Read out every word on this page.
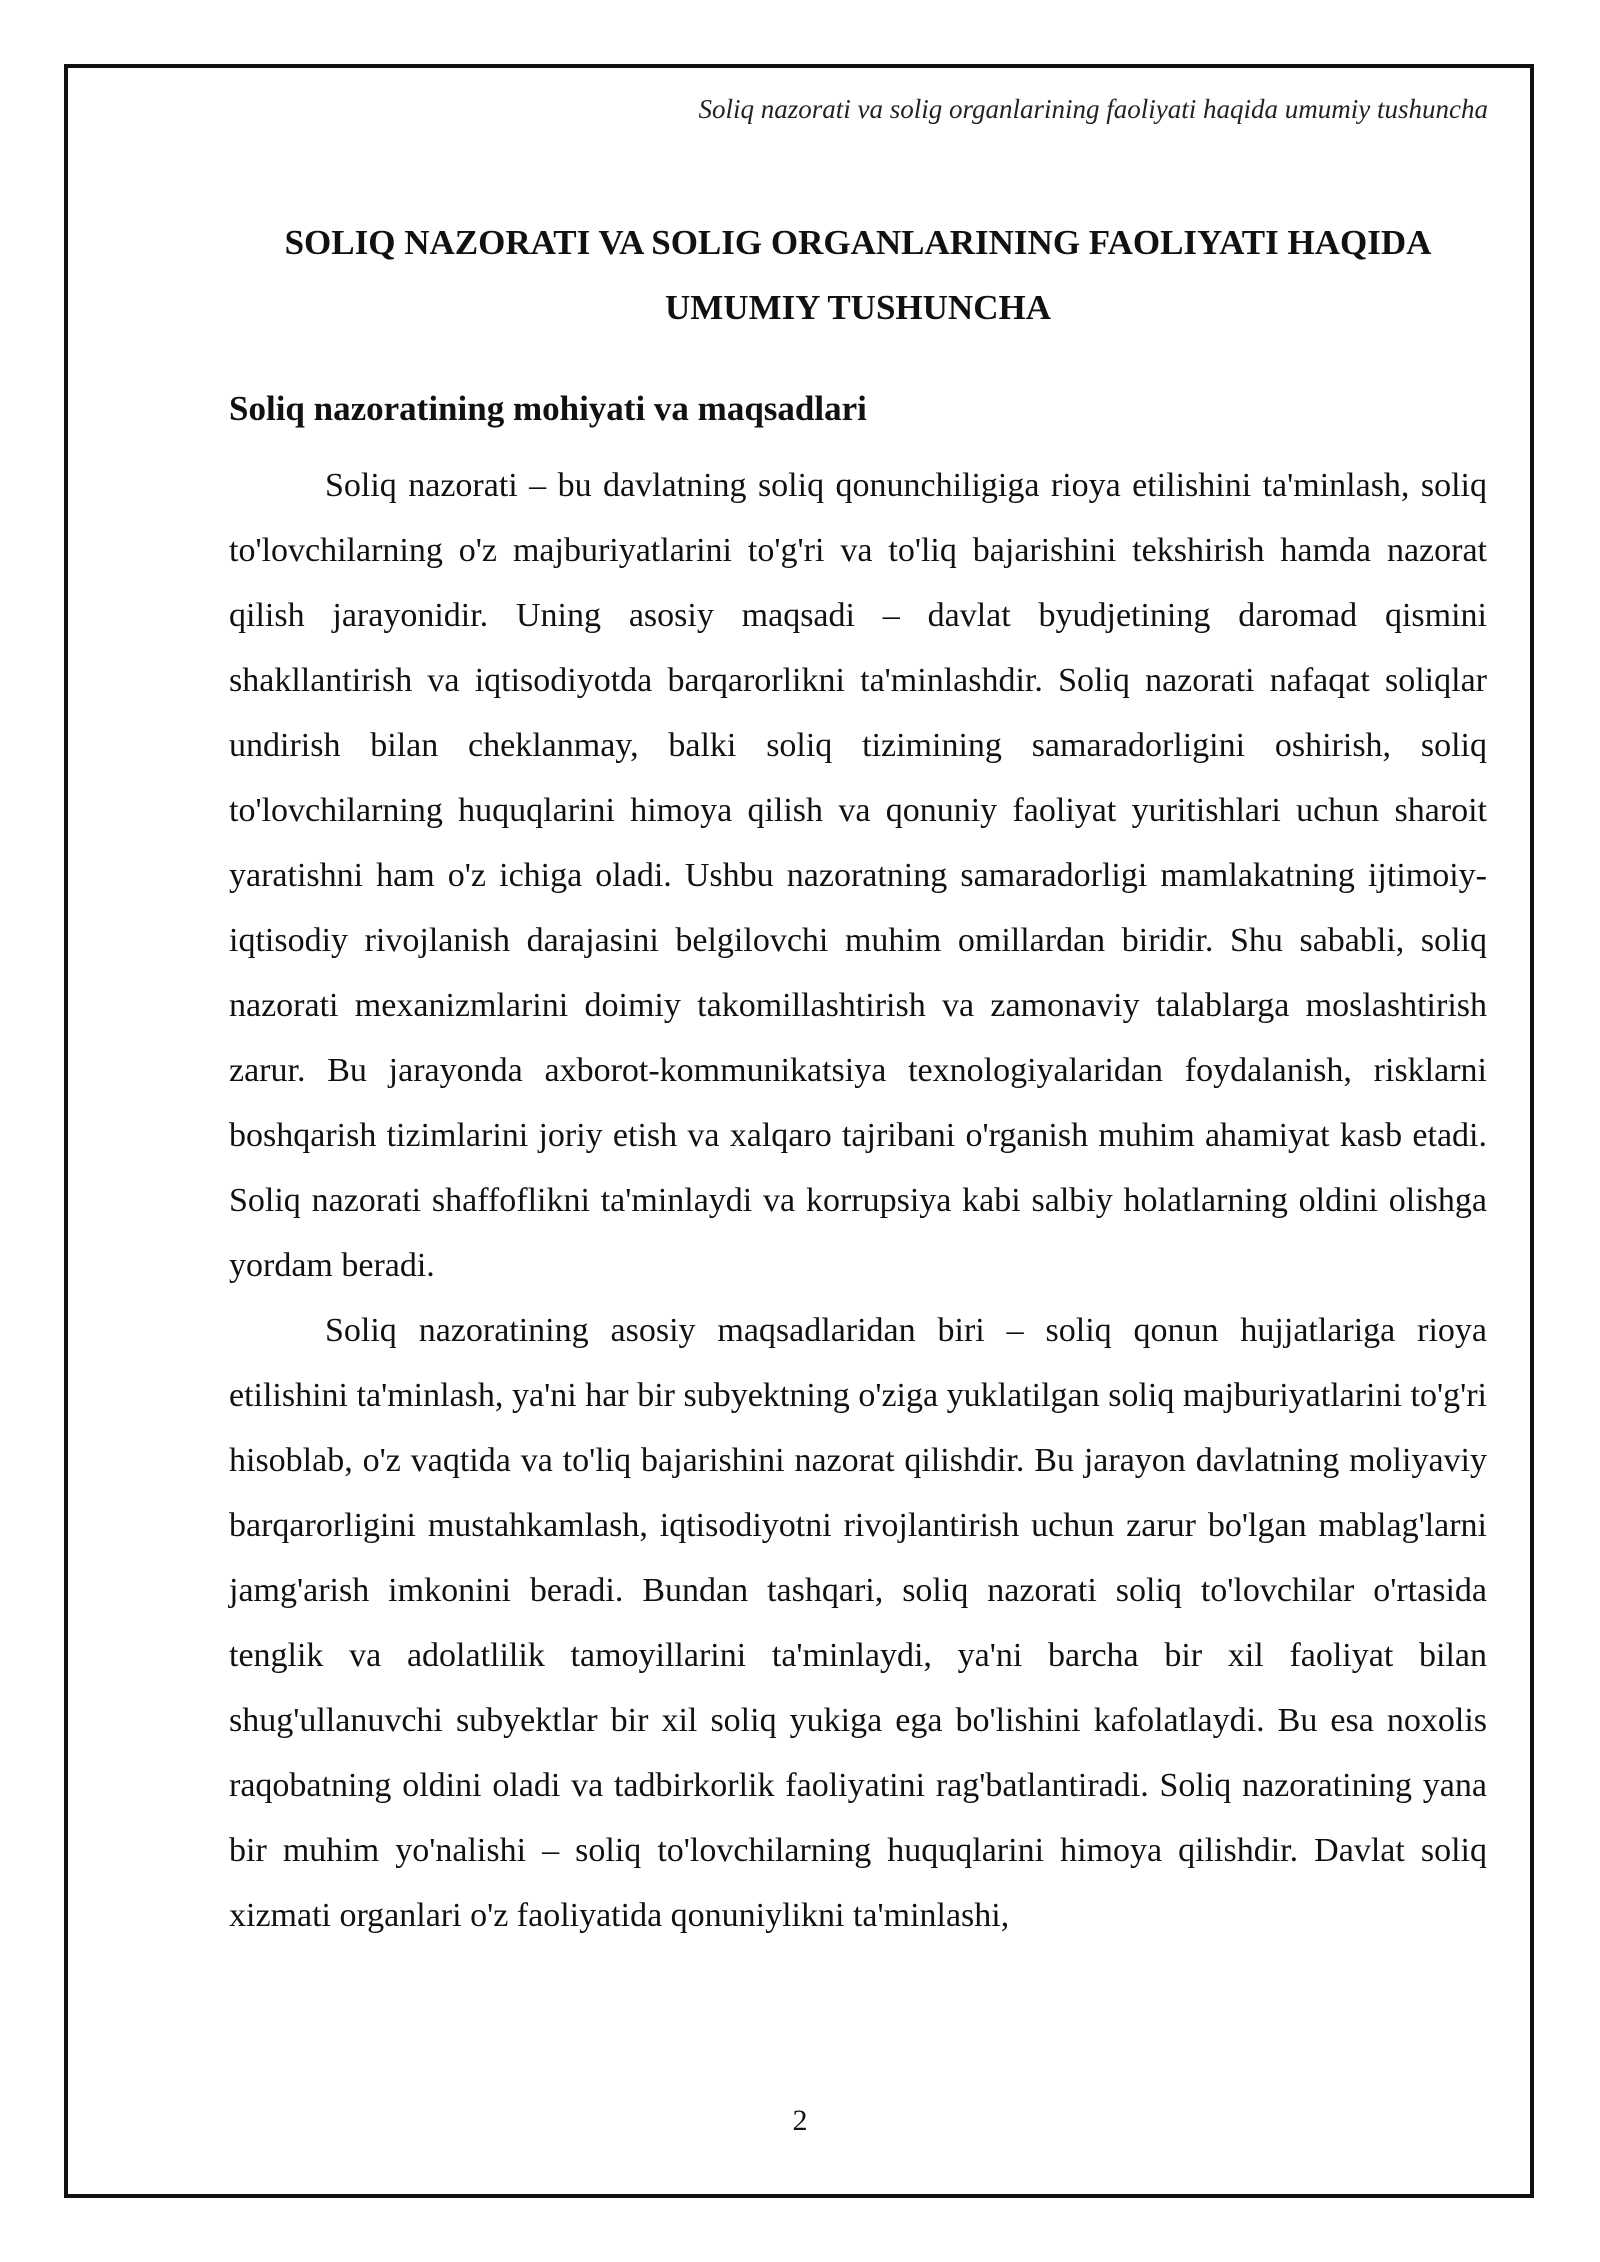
Soliq nazorati va solig organlarining faoliyati haqida umumiy tushuncha
SOLIQ NAZORATI VA SOLIG ORGANLARINING FAOLIYATI HAQIDA UMUMIY TUSHUNCHA
Soliq nazoratining mohiyati va maqsadlari

Soliq nazorati – bu davlatning soliq qonunchiligiga rioya etilishini ta'minlash, soliq to'lovchilarning o'z majburiyatlarini to'g'ri va to'liq bajarishini tekshirish hamda nazorat qilish jarayonidir. Uning asosiy maqsadi – davlat byudjetining daromad qismini shakllantirish va iqtisodiyotda barqarorlikni ta'minlashdir. Soliq nazorati nafaqat soliqlar undirish bilan cheklanmay, balki soliq tizimining samaradorligini oshirish, soliq to'lovchilarning huquqlarini himoya qilish va qonuniy faoliyat yuritishlari uchun sharoit yaratishni ham o'z ichiga oladi. Ushbu nazoratning samaradorligi mamlakatning ijtimoiy-iqtisodiy rivojlanish darajasini belgilovchi muhim omillardan biridir. Shu sababli, soliq nazorati mexanizmlarini doimiy takomillashtirish va zamonaviy talablarga moslashtirish zarur. Bu jarayonda axborot-kommunikatsiya texnologiyalaridan foydalanish, risklarni boshqarish tizimlarini joriy etish va xalqaro tajribani o'rganish muhim ahamiyat kasb etadi. Soliq nazorati shaffoflikni ta'minlaydi va korrupsiya kabi salbiy holatlarning oldini olishga yordam beradi.

Soliq nazoratining asosiy maqsadlaridan biri – soliq qonun hujjatlariga rioya etilishini ta'minlash, ya'ni har bir subyektning o'ziga yuklatilgan soliq majburiyatlarini to'g'ri hisoblab, o'z vaqtida va to'liq bajarishini nazorat qilishdir. Bu jarayon davlatning moliyaviy barqarorligini mustahkamlash, iqtisodiyotni rivojlantirish uchun zarur bo'lgan mablag'larni jamg'arish imkonini beradi. Bundan tashqari, soliq nazorati soliq to'lovchilar o'rtasida tenglik va adolatlilik tamoyillarini ta'minlaydi, ya'ni barcha bir xil faoliyat bilan shug'ullanuvchi subyektlar bir xil soliq yukiga ega bo'lishini kafolatlaydi. Bu esa noxolis raqobatning oldini oladi va tadbirkorlik faoliyatini rag'batlantiradi. Soliq nazoratining yana bir muhim yo'nalishi – soliq to'lovchilarning huquqlarini himoya qilishdir. Davlat soliq xizmati organlari o'z faoliyatida qonuniylikni ta'minlashi,

2
